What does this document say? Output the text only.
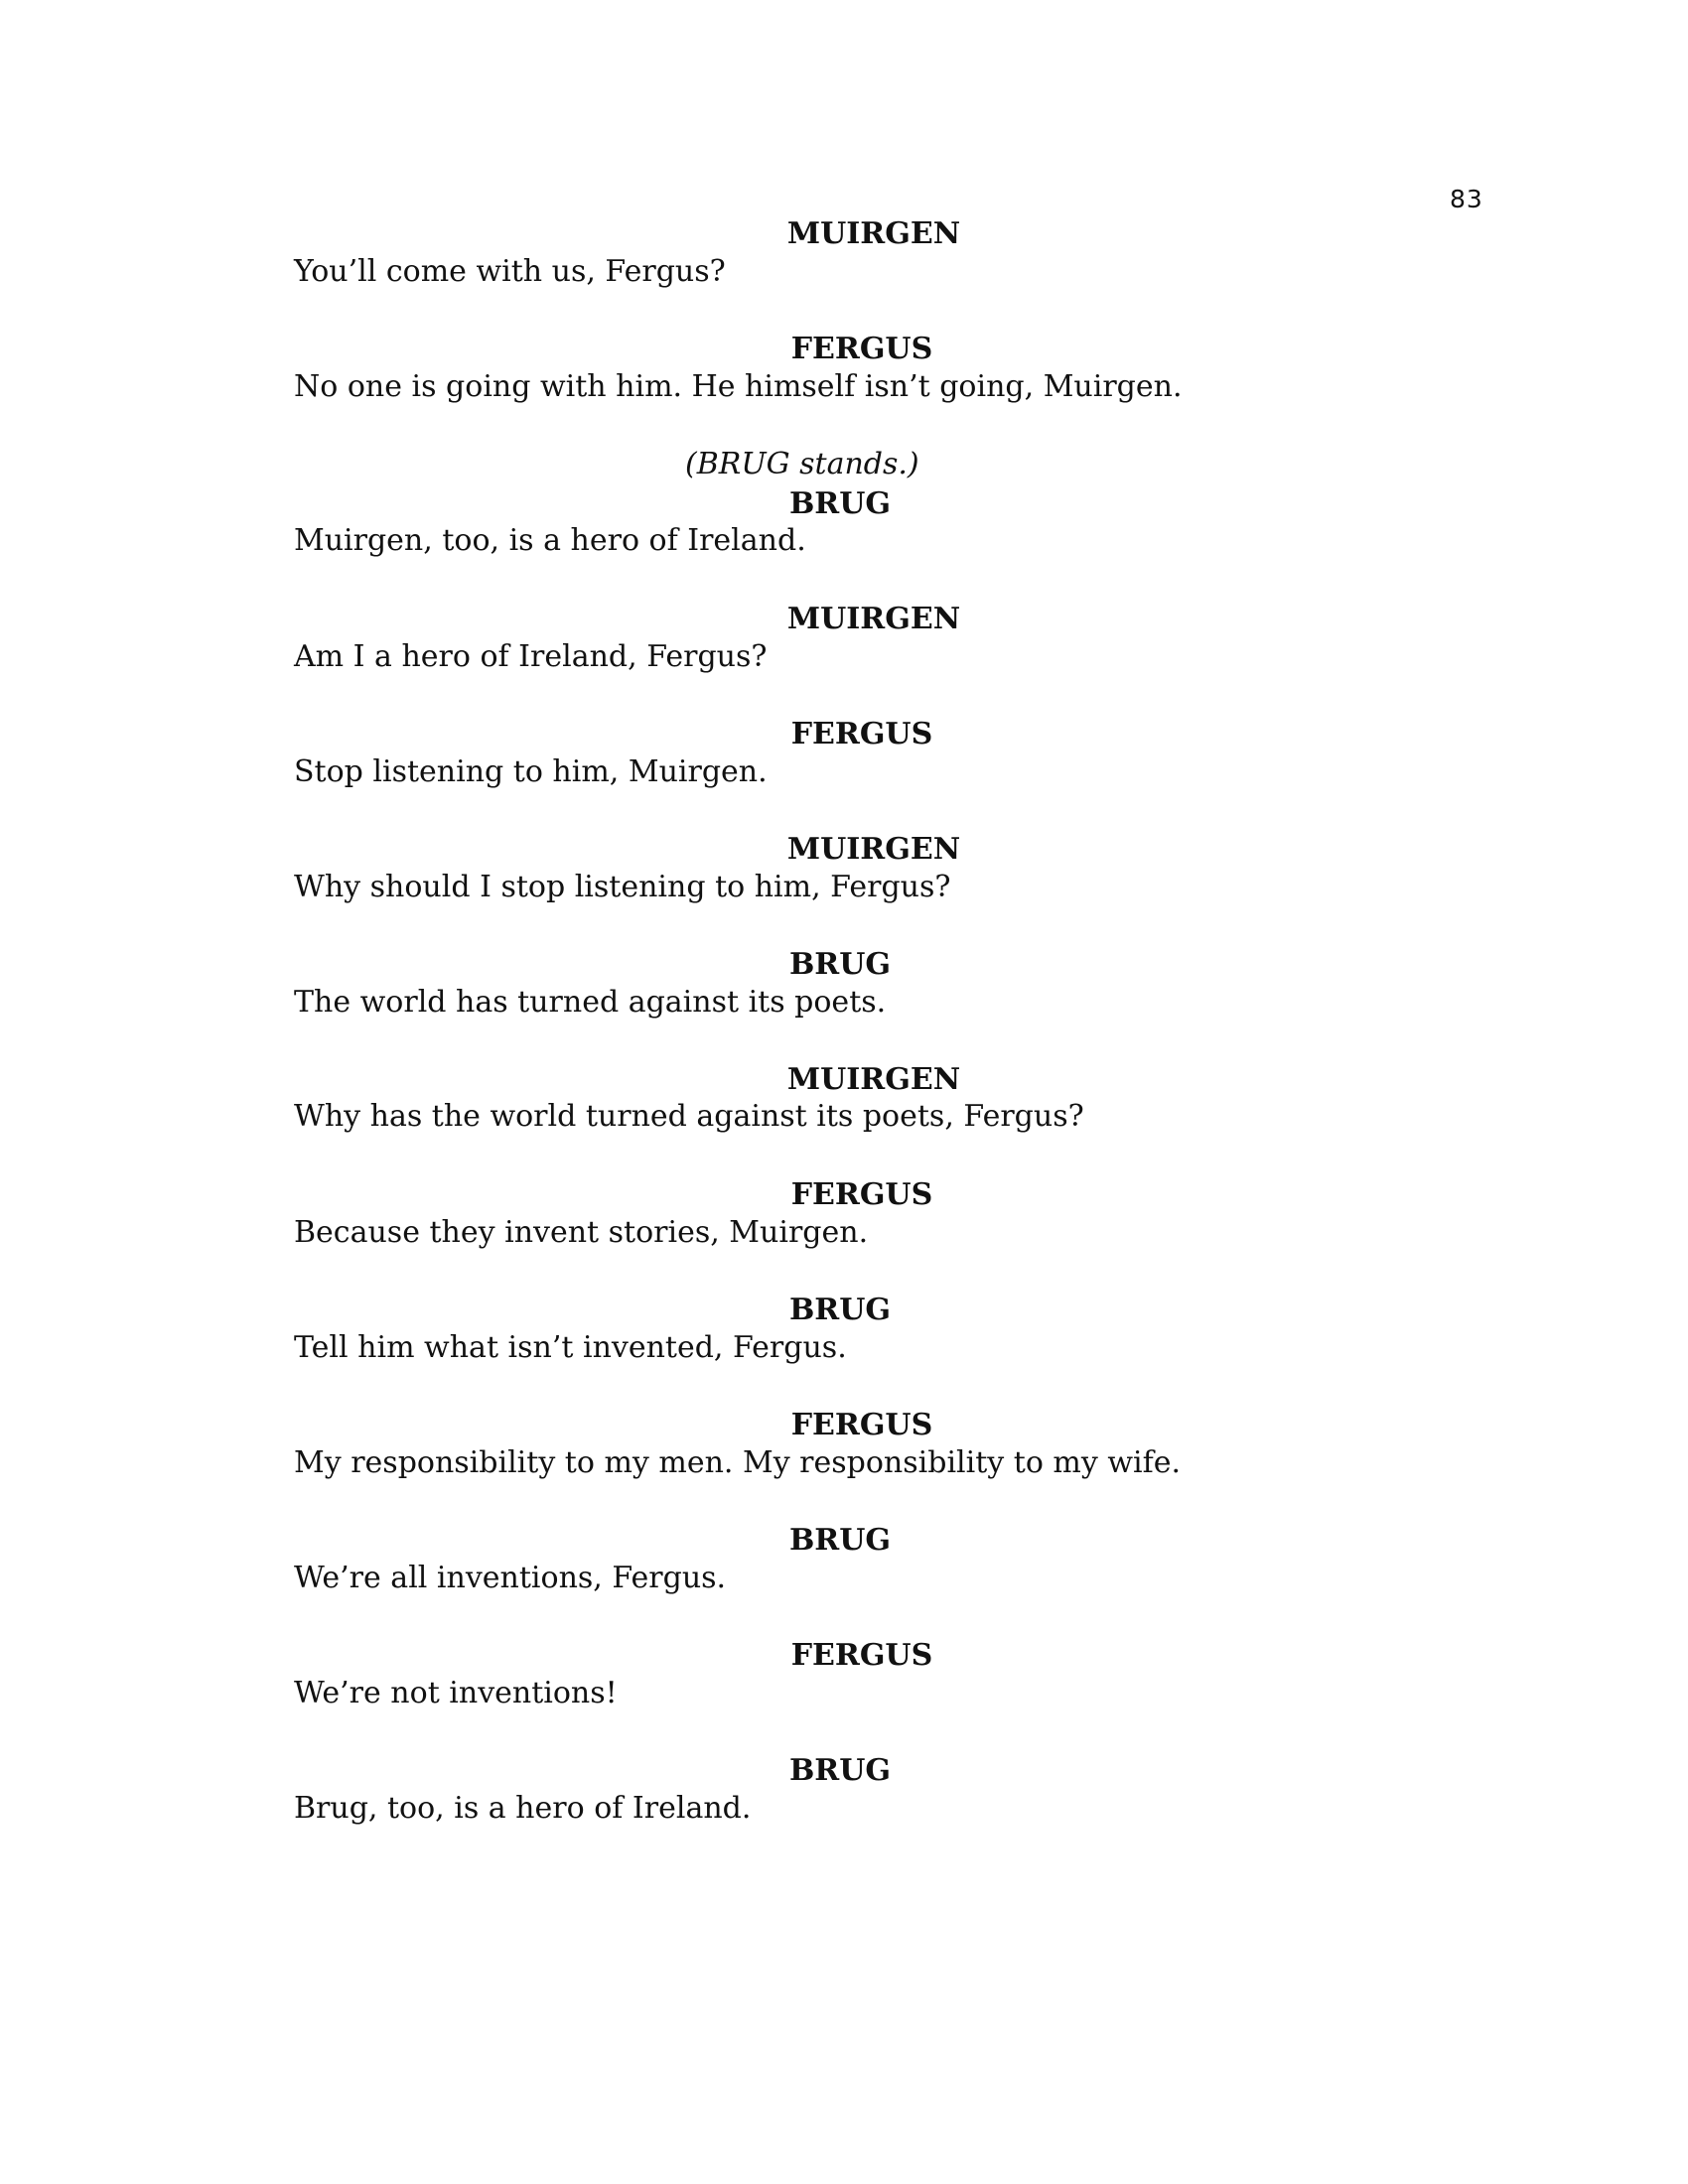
83
MUIRGEN
You’ll come with us, Fergus?
FERGUS
No one is going with him. He himself isn’t going, Muirgen.
(BRUG stands.)
BRUG
Muirgen, too, is a hero of Ireland.
MUIRGEN
Am I a hero of Ireland, Fergus?
FERGUS
Stop listening to him, Muirgen.
MUIRGEN
Why should I stop listening to him, Fergus?
BRUG
The world has turned against its poets.
MUIRGEN
Why has the world turned against its poets, Fergus?
FERGUS
Because they invent stories, Muirgen.
BRUG
Tell him what isn’t invented, Fergus.
FERGUS
My responsibility to my men. My responsibility to my wife.
BRUG
We’re all inventions, Fergus.
FERGUS
We’re not inventions!
BRUG
Brug, too, is a hero of Ireland.
